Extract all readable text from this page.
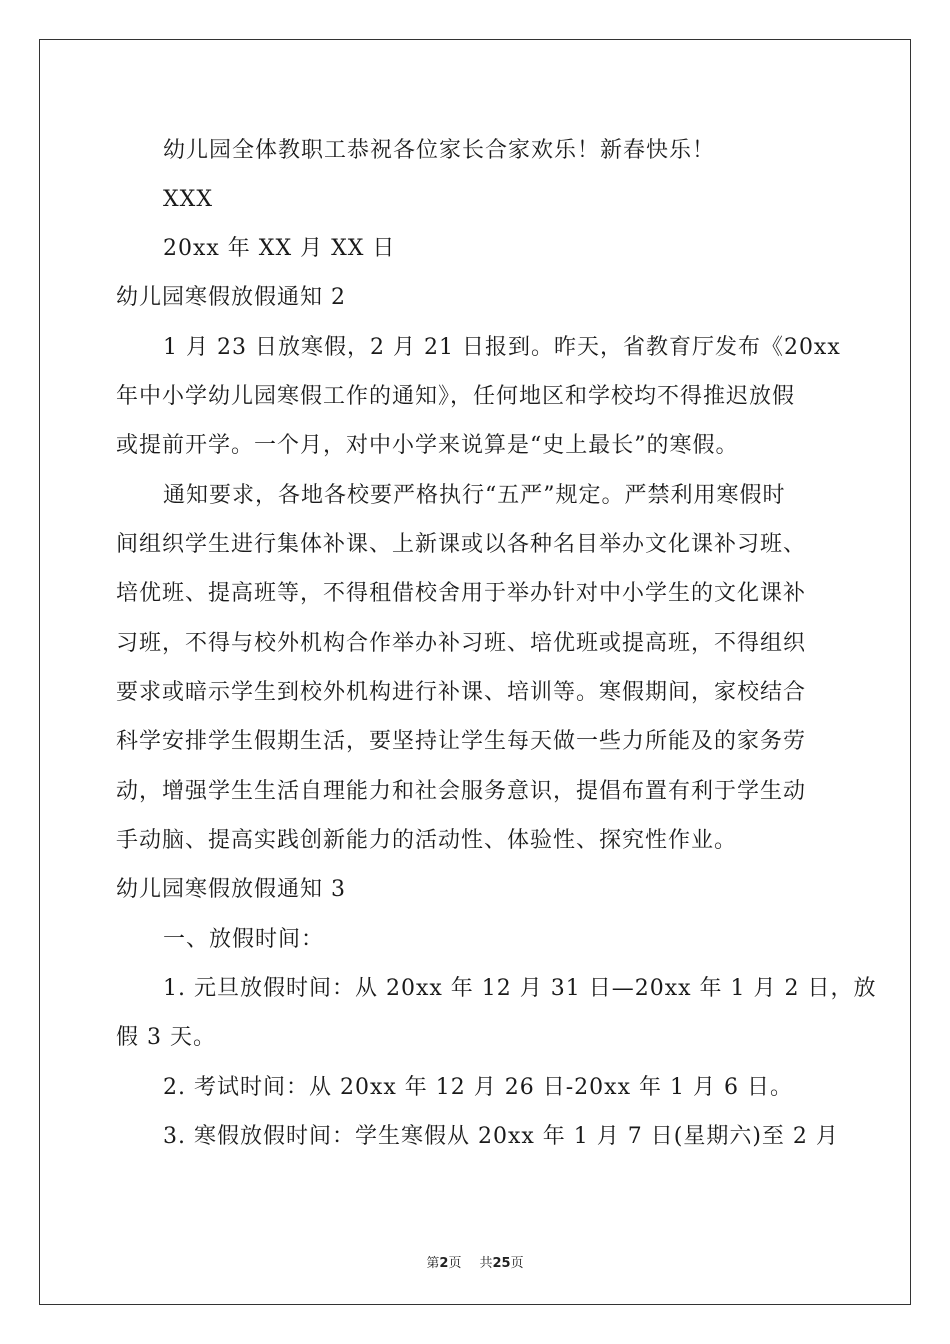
幼儿园全体教职工恭祝各位家长合家欢乐！新春快乐！
XXX
20xx 年 XX 月 XX 日
幼儿园寒假放假通知 2
1 月 23 日放寒假，2 月 21 日报到。昨天，省教育厅发布《20xx
年中小学幼儿园寒假工作的通知》，任何地区和学校均不得推迟放假
或提前开学。一个月，对中小学来说算是“史上最长”的寒假。
通知要求，各地各校要严格执行“五严”规定。严禁利用寒假时
间组织学生进行集体补课、上新课或以各种名目举办文化课补习班、
培优班、提高班等，不得租借校舍用于举办针对中小学生的文化课补
习班，不得与校外机构合作举办补习班、培优班或提高班，不得组织
要求或暗示学生到校外机构进行补课、培训等。寒假期间，家校结合
科学安排学生假期生活，要坚持让学生每天做一些力所能及的家务劳
动，增强学生生活自理能力和社会服务意识，提倡布置有利于学生动
手动脑、提高实践创新能力的活动性、体验性、探究性作业。
幼儿园寒假放假通知 3
一、放假时间：
1. 元旦放假时间：从 20xx 年 12 月 31 日—20xx 年 1 月 2 日，放
假 3 天。
2. 考试时间：从 20xx 年 12 月 26 日-20xx 年 1 月 6 日。
3. 寒假放假时间：学生寒假从 20xx 年 1 月 7 日(星期六)至 2 月
第2页 共25页
